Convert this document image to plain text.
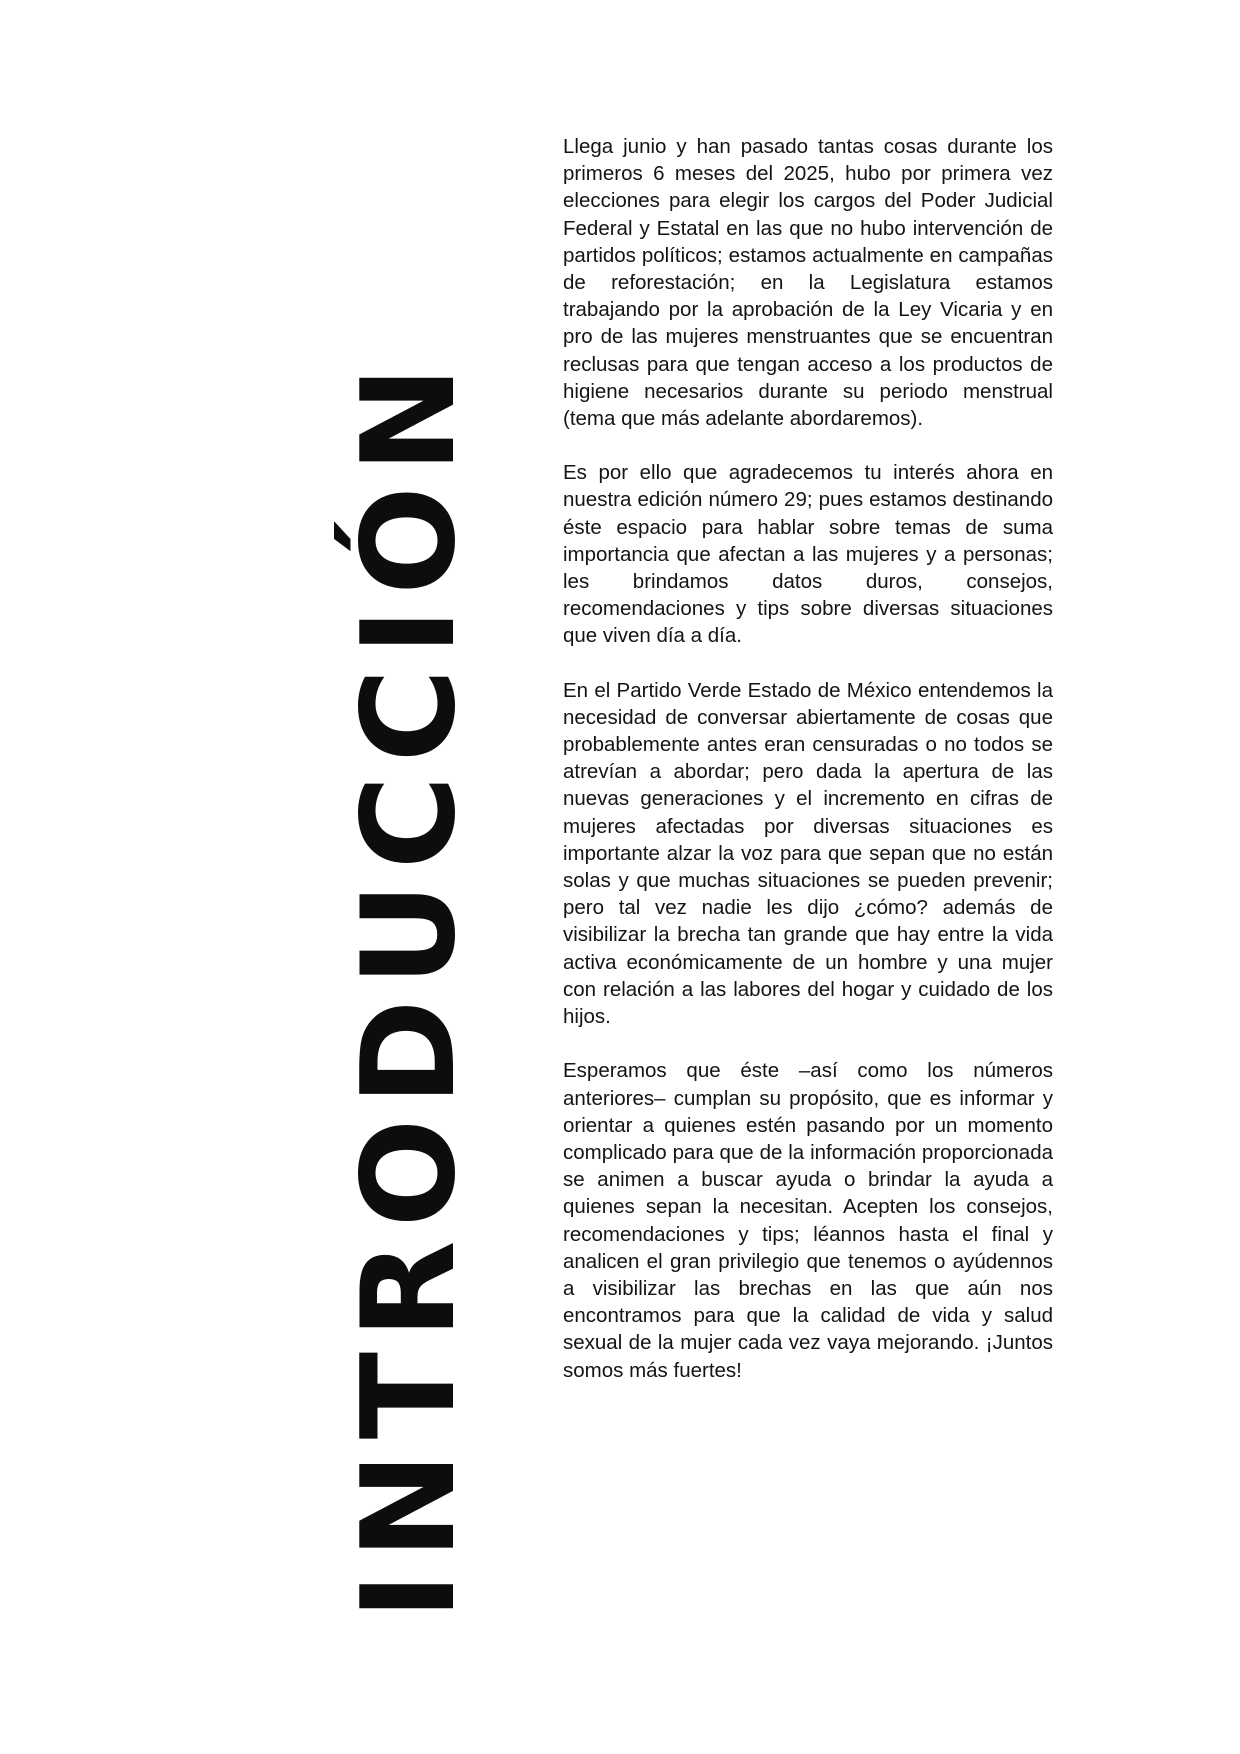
INTRODUCCIÓN

Llega junio y han pasado tantas cosas durante los primeros 6 meses del 2025, hubo por primera vez elecciones para elegir los cargos del Poder Judicial Federal y Estatal en las que no hubo intervención de partidos políticos; estamos actualmente en campañas de reforestación; en la Legislatura estamos trabajando por la aprobación de la Ley Vicaria y en pro de las mujeres menstruantes que se encuentran reclusas para que tengan acceso a los productos de higiene necesarios durante su periodo menstrual (tema que más adelante abordaremos).

Es por ello que agradecemos tu interés ahora en nuestra edición número 29; pues estamos destinando éste espacio para hablar sobre temas de suma importancia que afectan a las mujeres y a personas; les brindamos datos duros, consejos, recomendaciones y tips sobre diversas situaciones que viven día a día.

En el Partido Verde Estado de México entendemos la necesidad de conversar abiertamente de cosas que probablemente antes eran censuradas o no todos se atrevían a abordar; pero dada la apertura de las nuevas generaciones y el incremento en cifras de mujeres afectadas por diversas situaciones es importante alzar la voz para que sepan que no están solas y que muchas situaciones se pueden prevenir; pero tal vez nadie les dijo ¿cómo? además de visibilizar la brecha tan grande que hay entre la vida activa económicamente de un hombre y una mujer con relación a las labores del hogar y cuidado de los hijos.

Esperamos que éste –así como los números anteriores– cumplan su propósito, que es informar y orientar a quienes estén pasando por un momento complicado para que de la información proporcionada se animen a buscar ayuda o brindar la ayuda a quienes sepan la necesitan. Acepten los consejos, recomendaciones y tips; léannos hasta el final y analicen el gran privilegio que tenemos o ayúdennos a visibilizar las brechas en las que aún nos encontramos para que la calidad de vida y salud sexual de la mujer cada vez vaya mejorando. ¡Juntos somos más fuertes!
